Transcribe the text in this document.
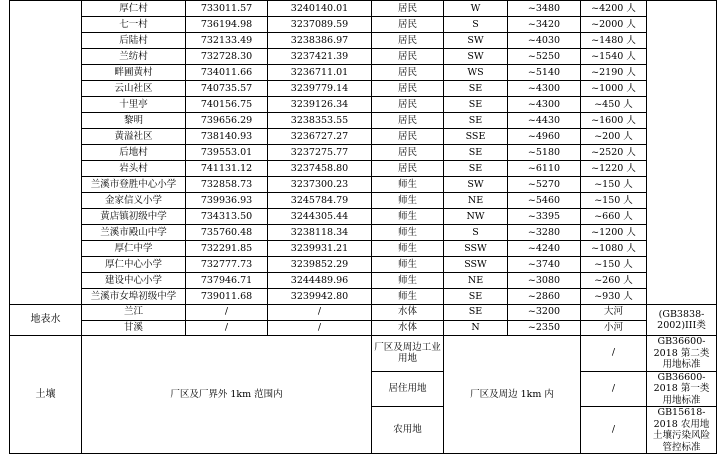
	厚仁村	733011.57	3240140.01	居民	W	~3480	~4200 人	
	七一村	736194.98	3237089.59	居民	S	~3420	~2000 人	
	后陆村	732133.49	3238386.97	居民	SW	~4030	~1480 人	
	兰纺村	732728.30	3237421.39	居民	SW	~5250	~1540 人	
	畔圃黄村	734011.66	3236711.01	居民	WS	~5140	~2190 人	
	云山社区	740735.57	3239779.14	居民	SE	~4300	~1000 人	
	十里亭	740156.75	3239126.34	居民	SE	~4300	~450 人	
	黎明	739656.29	3238353.55	居民	SE	~4430	~1600 人	
	黄溢社区	738140.93	3236727.27	居民	SSE	~4960	~200 人	
	后地村	739553.01	3237275.77	居民	SE	~5180	~2520 人	
	岩头村	741131.12	3237458.80	居民	SE	~6110	~1220 人	
	兰溪市登胜中心小学	732858.73	3237300.23	师生	SW	~5270	~150 人	
	金家信义小学	739936.93	3245784.79	师生	NE	~5460	~150 人	
	黄店镇初级中学	734313.50	3244305.44	师生	NW	~3395	~660 人	
	兰溪市殿山中学	735760.48	3238118.34	师生	S	~3280	~1200 人	
	厚仁中学	732291.85	3239931.21	师生	SSW	~4240	~1080 人	
	厚仁中心小学	732777.73	3239852.29	师生	SSW	~3740	~150 人	
	建设中心小学	737946.71	3244489.96	师生	NE	~3080	~260 人	
	兰溪市女埠初级中学	739011.68	3239942.80	师生	SE	~2860	~930 人	
地表水	兰江	/	/	水体	SE	~3200	大河	(GB3838-2002)III类
	甘溪	/	/	水体	N	~2350	小河	
土壤	厂区及厂界外 1km 范围内			厂区及周边工业用地	厂区及周边 1km 内		/	GB36600-2018 第二类用地标准
				居住用地			/	GB36600-2018 第一类用地标准
				农用地			/	GB15618-2018 农用地土壤污染风险管控标准
